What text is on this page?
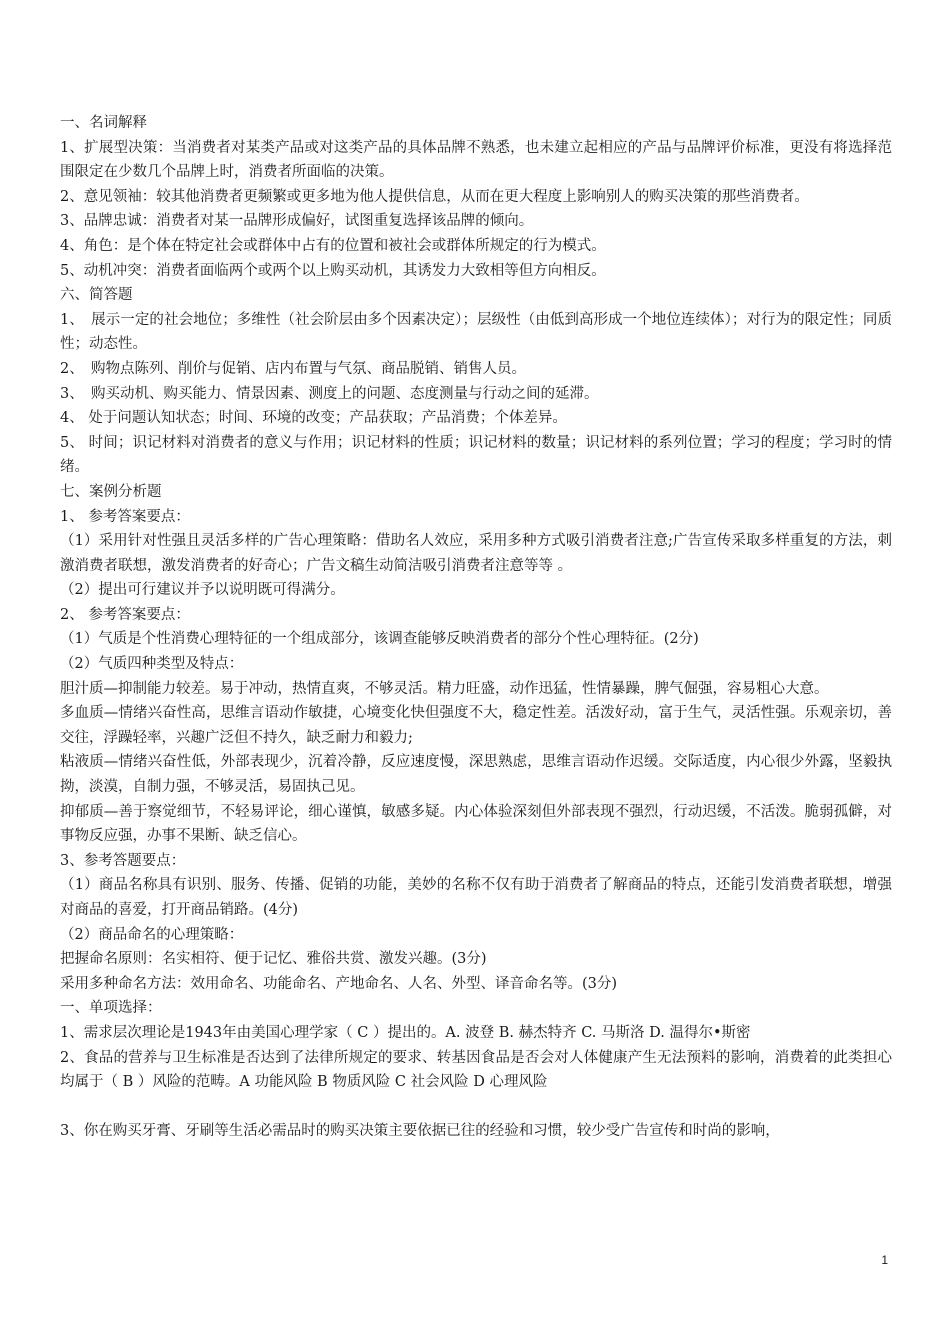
一、名词解释

1、扩展型决策：当消费者对某类产品或对这类产品的具体品牌不熟悉，也未建立起相应的产品与品牌评价标准，更没有将选择范围限定在少数几个品牌上时，消费者所面临的决策。

2、意见领袖：较其他消费者更频繁或更多地为他人提供信息，从而在更大程度上影响别人的购买决策的那些消费者。

3、品牌忠诚：消费者对某一品牌形成偏好，试图重复选择该品牌的倾向。

4、角色：是个体在特定社会或群体中占有的位置和被社会或群体所规定的行为模式。

5、动机冲突：消费者面临两个或两个以上购买动机，其诱发力大致相等但方向相反。

六、简答题

1、　展示一定的社会地位；多维性（社会阶层由多个因素决定）；层级性（由低到高形成一个地位连续体）；对行为的限定性；同质性；动态性。

2、　购物点陈列、削价与促销、店内布置与气氛、商品脱销、销售人员。

3、　购买动机、购买能力、情景因素、测度上的问题、态度测量与行动之间的延滞。

4、 处于问题认知状态；时间、环境的改变；产品获取；产品消费；个体差异。

5、 时间；识记材料对消费者的意义与作用；识记材料的性质；识记材料的数量；识记材料的系列位置；学习的程度；学习时的情绪。

七、案例分析题

1、 参考答案要点：

（1）采用针对性强且灵活多样的广告心理策略：借助名人效应，采用多种方式吸引消费者注意;广告宣传采取多样重复的方法，刺激消费者联想，激发消费者的好奇心；广告文稿生动简洁吸引消费者注意等等 。

（2）提出可行建议并予以说明既可得满分。

2、 参考答案要点：

（1）气质是个性消费心理特征的一个组成部分，该调查能够反映消费者的部分个性心理特征。(2分)

（2）气质四种类型及特点：

胆汁质—抑制能力较差。易于冲动，热情直爽，不够灵活。精力旺盛，动作迅猛，性情暴躁，脾气倔强，容易粗心大意。

多血质—情绪兴奋性高，思维言语动作敏捷，心境变化快但强度不大，稳定性差。活泼好动，富于生气，灵活性强。乐观亲切，善交往，浮躁轻率，兴趣广泛但不持久，缺乏耐力和毅力;

粘液质—情绪兴奋性低，外部表现少，沉着冷静，反应速度慢，深思熟虑，思维言语动作迟缓。交际适度，内心很少外露，坚毅执拗，淡漠，自制力强，不够灵活，易固执己见。

抑郁质—善于察觉细节，不轻易评论，细心谨慎，敏感多疑。内心体验深刻但外部表现不强烈，行动迟缓，不活泼。脆弱孤僻，对事物反应强，办事不果断、缺乏信心。

3、参考答题要点：

（1）商品名称具有识别、服务、传播、促销的功能，美妙的名称不仅有助于消费者了解商品的特点，还能引发消费者联想，增强对商品的喜爱，打开商品销路。(4分)

（2）商品命名的心理策略：

把握命名原则：名实相符、便于记忆、雅俗共赏、激发兴趣。(3分)

采用多种命名方法：效用命名、功能命名、产地命名、人名、外型、译音命名等。(3分)

一、单项选择：

1、需求层次理论是1943年由美国心理学家（ C ）提出的。A. 波登 B. 赫杰特齐 C. 马斯洛 D. 温得尔•斯密

2、食品的营养与卫生标准是否达到了法律所规定的要求、转基因食品是否会对人体健康产生无法预料的影响，消费着的此类担心均属于（ B ）风险的范畴。A 功能风险 B 物质风险 C 社会风险 D 心理风险

3、你在购买牙膏、牙刷等生活必需品时的购买决策主要依据已往的经验和习惯，较少受广告宣传和时尚的影响，

1
